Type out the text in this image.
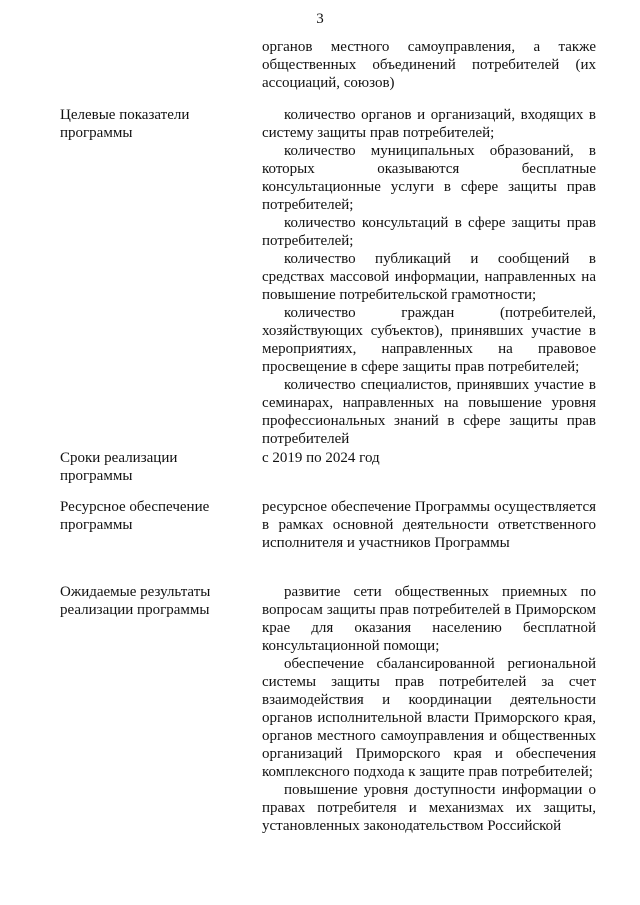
3

органов местного самоуправления, а также общественных объединений потребителей (их ассоциаций, союзов)

Целевые показатели программы

количество органов и организаций, входящих в систему защиты прав потребителей;

количество муниципальных образований, в которых оказываются бесплатные консультационные услуги в сфере защиты прав потребителей;

количество консультаций в сфере защиты прав потребителей;

количество публикаций и сообщений в средствах массовой информации, направленных на повышение потребительской грамотности;

количество граждан (потребителей, хозяйствующих субъектов), принявших участие в мероприятиях, направленных на правовое просвещение в сфере защиты прав потребителей;

количество специалистов, принявших участие в семинарах, направленных на повышение уровня профессиональных знаний в сфере защиты прав потребителей

Сроки реализации программы

с 2019 по 2024 год

Ресурсное обеспечение программы

ресурсное обеспечение Программы осуществляется в рамках основной деятельности ответственного исполнителя и участников Программы

Ожидаемые результаты реализации программы

развитие сети общественных приемных по вопросам защиты прав потребителей в Приморском крае для оказания населению бесплатной консультационной помощи;

обеспечение сбалансированной региональной системы защиты прав потребителей за счет взаимодействия и координации деятельности органов исполнительной власти Приморского края, органов местного самоуправления и общественных организаций Приморского края и обеспечения комплексного подхода к защите прав потребителей;

повышение уровня доступности информации о правах потребителя и механизмах их защиты, установленных законодательством Российской
